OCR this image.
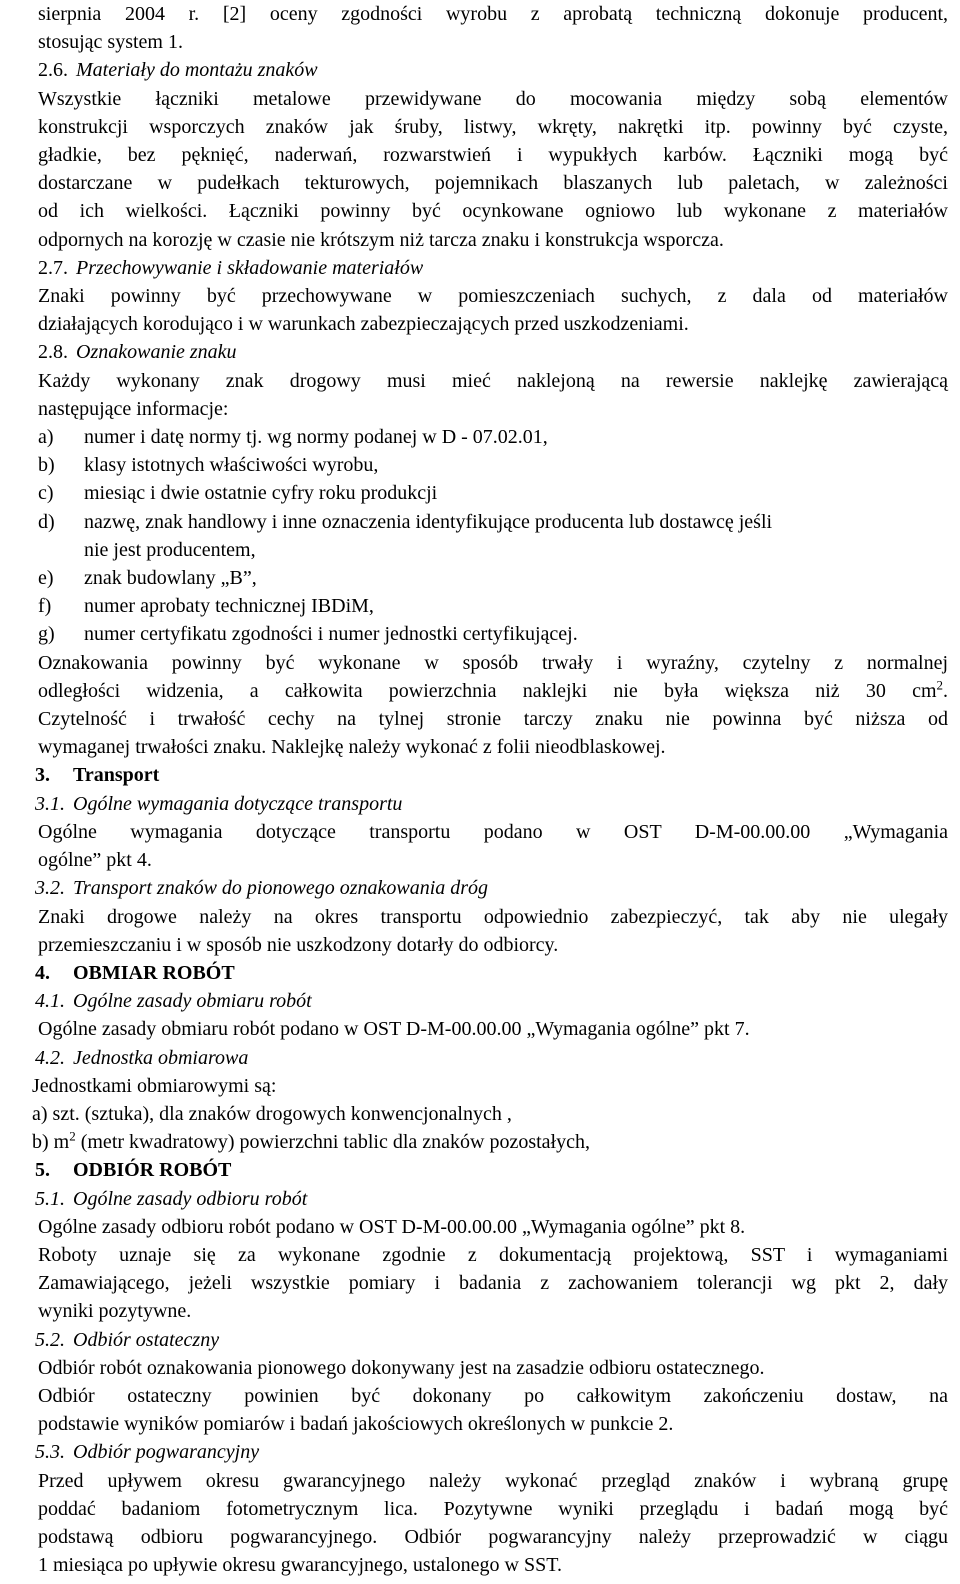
sierpnia 2004 r. [2] oceny zgodności wyrobu z aprobatą techniczną dokonuje producent,
stosując system 1.
2.6. Materiały do montażu znaków
Wszystkie łączniki metalowe przewidywane do mocowania między sobą elementów
konstrukcji wsporczych znaków jak śruby, listwy, wkręty, nakrętki itp. powinny być czyste,
gładkie, bez pęknięć, naderwań, rozwarstwień i wypukłych karbów. Łączniki mogą być
dostarczane w pudełkach tekturowych, pojemnikach blaszanych lub paletach, w zależności
od ich wielkości. Łączniki powinny być ocynkowane ogniowo lub wykonane z materiałów
odpornych na korozję w czasie nie krótszym niż tarcza znaku i konstrukcja wsporcza.
2.7. Przechowywanie i składowanie materiałów
Znaki powinny być przechowywane w pomieszczeniach suchych, z dala od materiałów
działających korodująco i w warunkach zabezpieczających przed uszkodzeniami.
2.8. Oznakowanie znaku
Każdy wykonany znak drogowy musi mieć naklejoną na rewersie naklejkę zawierającą
następujące informacje:
a)	numer i datę normy tj. wg normy podanej w D - 07.02.01,
b)	klasy istotnych właściwości wyrobu,
c)	miesiąc i dwie ostatnie cyfry roku produkcji
d)	nazwę, znak handlowy i inne oznaczenia identyfikujące producenta lub dostawcę jeśli
nie jest producentem,
e)	znak budowlany „B”,
f)	numer aprobaty technicznej IBDiM,
g)	numer certyfikatu zgodności i numer jednostki certyfikującej.
Oznakowania powinny być wykonane w sposób trwały i wyraźny, czytelny z normalnej
odległości widzenia, a całkowita powierzchnia naklejki nie była większa niż 30 $cm^2$.
Czytelność i trwałość cechy na tylnej stronie tarczy znaku nie powinna być niższa od
wymaganej trwałości znaku. Naklejkę należy wykonać z folii nieodblaskowej.
3. Transport
3.1. Ogólne wymagania dotyczące transportu
Ogólne wymagania dotyczące transportu podano w OST D-M-00.00.00 „Wymagania
ogólne” pkt 4.
3.2. Transport znaków do pionowego oznakowania dróg
Znaki drogowe należy na okres transportu odpowiednio zabezpieczyć, tak aby nie ulegały
przemieszczaniu i w sposób nie uszkodzony dotarły do odbiorcy.
4. OBMIAR ROBÓT
4.1. Ogólne zasady obmiaru robót
Ogólne zasady obmiaru robót podano w OST D-M-00.00.00 „Wymagania ogólne” pkt 7.
4.2. Jednostka obmiarowa
Jednostkami obmiarowymi są:
a) szt. (sztuka), dla znaków drogowych konwencjonalnych ,
b) $m^2$ (metr kwadratowy) powierzchni tablic dla znaków pozostałych,
5. ODBIÓR ROBÓT
5.1. Ogólne zasady odbioru robót
Ogólne zasady odbioru robót podano w OST D-M-00.00.00 „Wymagania ogólne” pkt 8.
Roboty uznaje się za wykonane zgodnie z dokumentacją projektową, SST i wymaganiami
Zamawiającego, jeżeli wszystkie pomiary i badania z zachowaniem tolerancji wg pkt 2, dały
wyniki pozytywne.
5.2. Odbiór ostateczny
Odbiór robót oznakowania pionowego dokonywany jest na zasadzie odbioru ostatecznego.
Odbiór ostateczny powinien być dokonany po całkowitym zakończeniu dostaw, na
podstawie wyników pomiarów i badań jakościowych określonych w punkcie 2.
5.3. Odbiór pogwarancyjny
Przed upływem okresu gwarancyjnego należy wykonać przegląd znaków i wybraną grupę
poddać badaniom fotometrycznym lica. Pozytywne wyniki przeglądu i badań mogą być
podstawą odbioru pogwarancyjnego. Odbiór pogwarancyjny należy przeprowadzić w ciągu
1 miesiąca po upływie okresu gwarancyjnego, ustalonego w SST.
